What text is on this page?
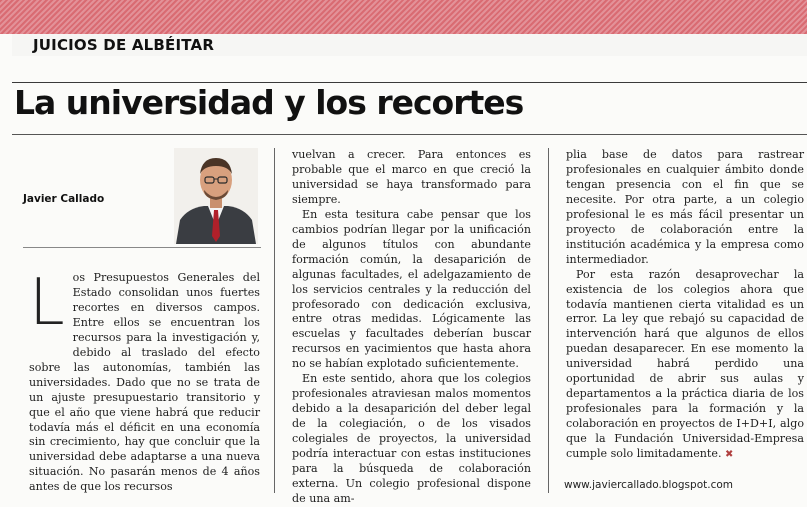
JUICIOS DE ALBÉITAR
La universidad y los recortes
Javier Callado
L os Presupuestos Generales del Estado consolidan unos fuertes recortes en diversos campos. Entre ellos se encuentran los recursos para la investigación y, debido al traslado del efecto sobre las autonomías, también las universidades. Dado que no se trata de un ajuste presupuestario transitorio y que el año que viene habrá que reducir todavía más el déficit en una economía sin crecimiento, hay que concluir que la universidad debe adaptarse a una nueva situación. No pasarán menos de 4 años antes de que los recursos

vuelvan a crecer. Para entonces es probable que el marco en que creció la universidad se haya transformado para siempre.

En esta tesitura cabe pensar que los cambios podrían llegar por la unificación de algunos títulos con abundante formación común, la desaparición de algunas facultades, el adelgazamiento de los servicios centrales y la reducción del profesorado con dedicación exclusiva, entre otras medidas. Lógicamente las escuelas y facultades deberían buscar recursos en yacimientos que hasta ahora no se habían explotado suficientemente.

En este sentido, ahora que los colegios profesionales atraviesan malos momentos debido a la desaparición del deber legal de la colegiación, o de los visados colegiales de proyectos, la universidad podría interactuar con estas instituciones para la búsqueda de colaboración externa. Un colegio profesional dispone de una am-

plia base de datos para rastrear profesionales en cualquier ámbito donde tengan presencia con el fin que se necesite. Por otra parte, a un colegio profesional le es más fácil presentar un proyecto de colaboración entre la institución académica y la empresa como intermediador.

Por esta razón desaprovechar la existencia de los colegios ahora que todavía mantienen cierta vitalidad es un error. La ley que rebajó su capacidad de intervención hará que algunos de ellos puedan desaparecer. En ese momento la universidad habrá perdido una oportunidad de abrir sus aulas y departamentos a la práctica diaria de los profesionales para la formación y la colaboración en proyectos de I+D+I, algo que la Fundación Universidad-Empresa cumple solo limitadamente. ✖

www.javiercallado.blogspot.com
